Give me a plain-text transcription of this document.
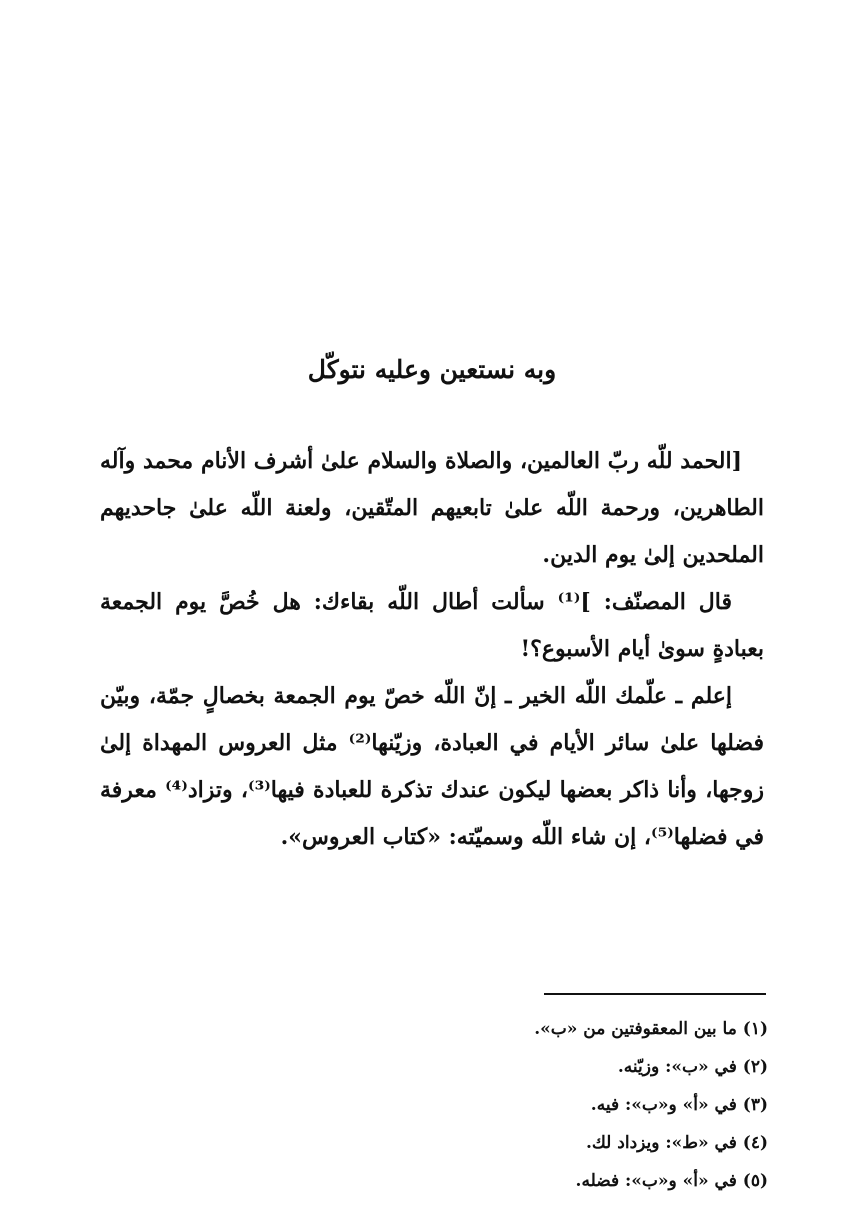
وبه نستعين وعليه نتوكّل

[الحمد للّه ربّ العالمين، والصلاة والسلام علىٰ أشرف الأنام محمد وآله الطاهرين، ورحمة اللّه علىٰ تابعيهم المتّقين، ولعنة اللّه علىٰ جاحديهم الملحدين إلىٰ يوم الدين.

قال المصنّف: ]⁽¹⁾ سألت أطال اللّه بقاءك: هل خُصَّ يوم الجمعة بعبادةٍ سوىٰ أيام الأسبوع؟!

إعلم ـ علّمك اللّه الخير ـ إنّ اللّه خصّ يوم الجمعة بخصالٍ جمّة، وبيّن فضلها علىٰ سائر الأيام في العبادة، وزيّنها⁽²⁾ مثل العروس المهداة إلىٰ زوجها، وأنا ذاكر بعضها ليكون عندك تذكرة للعبادة فيها⁽³⁾، وتزاد⁽⁴⁾ معرفة في فضلها⁽⁵⁾، إن شاء اللّه وسميّته: «كتاب العروس».

(١) ما بين المعقوفتين من «ب».

(٢) في «ب»: وزيّنه.

(٣) في «أ» و«ب»: فيه.

(٤) في «ط»: ويزداد لك.

(٥) في «أ» و«ب»: فضله.
